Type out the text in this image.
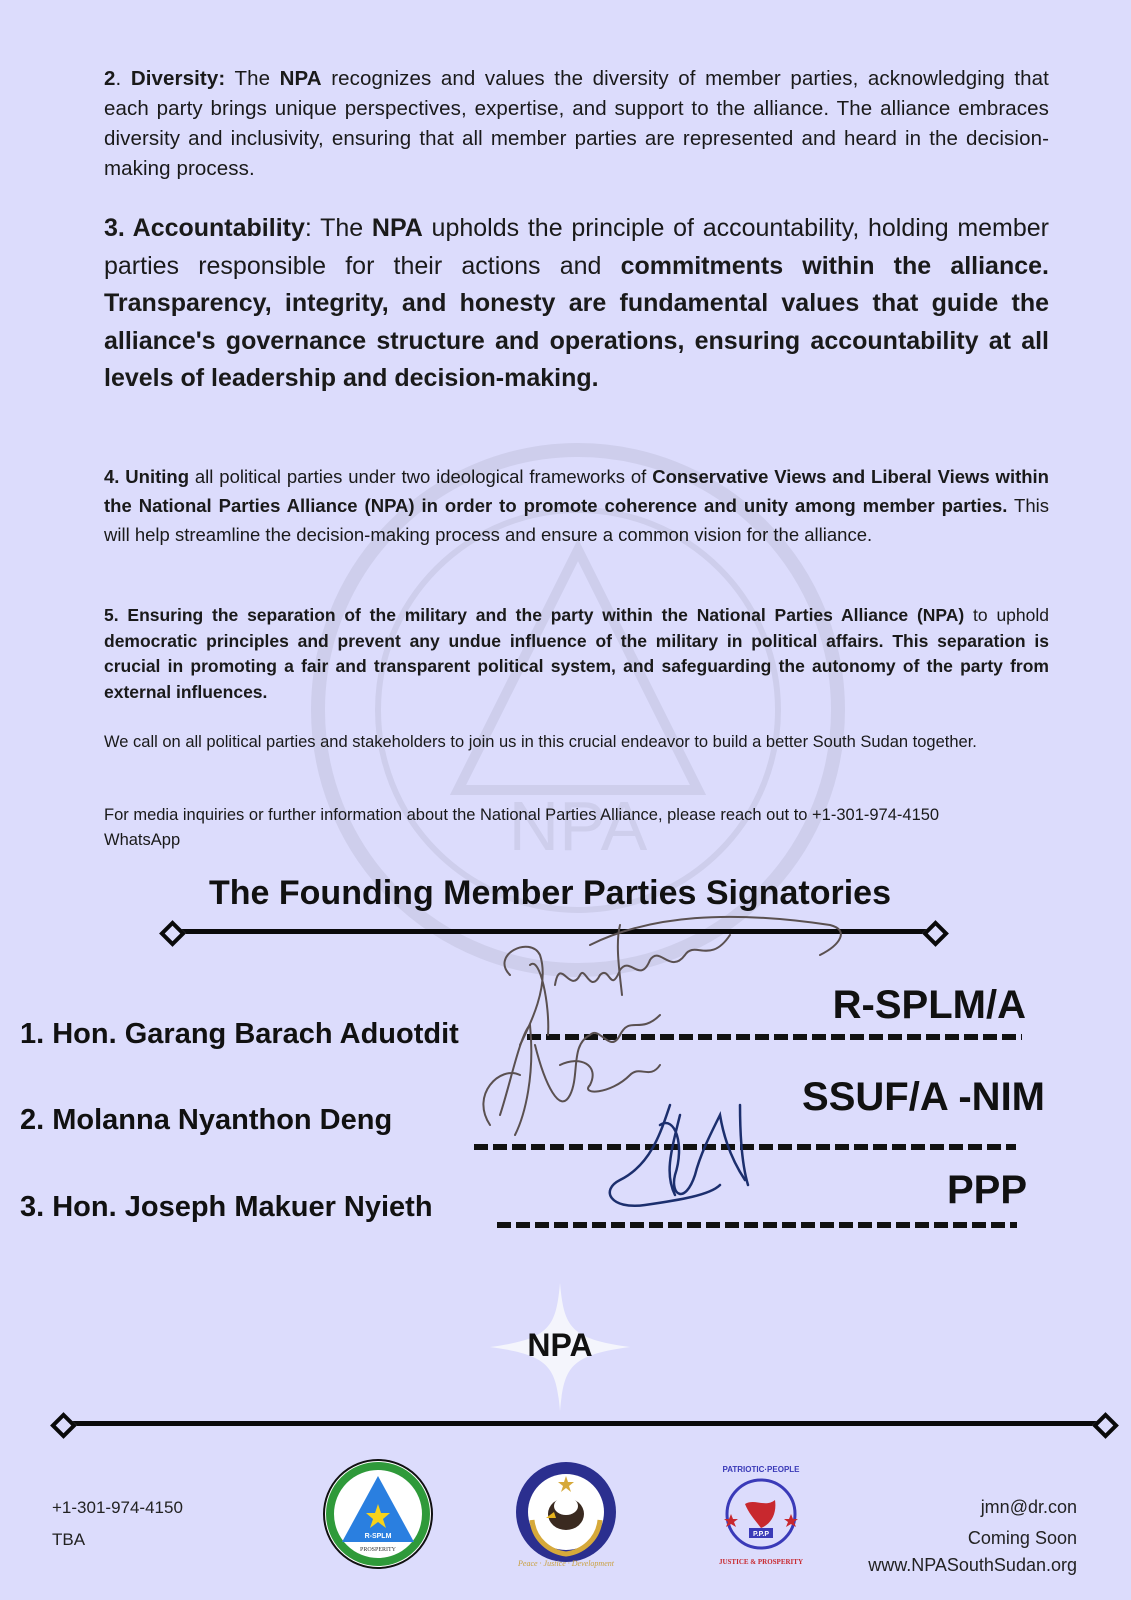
NPA

2. Diversity: The NPA recognizes and values the diversity of member parties, acknowledging that each party brings unique perspectives, expertise, and support to the alliance. The alliance embraces diversity and inclusivity, ensuring that all member parties are represented and heard in the decision-making process.

3. Accountability: The NPA upholds the principle of accountability, holding member parties responsible for their actions and commitments within the alliance. Transparency, integrity, and honesty are fundamental values that guide the alliance's governance structure and operations, ensuring accountability at all levels of leadership and decision-making.

4. Uniting all political parties under two ideological frameworks of Conservative Views and Liberal Views within the National Parties Alliance (NPA) in order to promote coherence and unity among member parties. This will help streamline the decision-making process and ensure a common vision for the alliance.

5. Ensuring the separation of the military and the party within the National Parties Alliance (NPA) to uphold democratic principles and prevent any undue influence of the military in political affairs. This separation is crucial in promoting a fair and transparent political system, and safeguarding the autonomy of the party from external influences.

We call on all political parties and stakeholders to join us in this crucial endeavor to build a better South Sudan together.

For media inquiries or further information about the National Parties Alliance, please reach out to +1-301-974-4150
WhatsApp

The Founding Member Parties Signatories
1. Hon. Garang Barach Aduotdit
R-SPLM/A
2. Molanna Nyanthon Deng
SSUF/A -NIM
3. Hon. Joseph Makuer Nyieth	PPP
NPA
+1-301-974-4150
TBA
jmn@dr.con
Coming Soon
www.NPASouthSudan.org
R-SPLM
PROSPERITY
Peace · Justice · Development
P.P.P
PATRIOTIC·PEOPLE
JUSTICE & PROSPERITY
